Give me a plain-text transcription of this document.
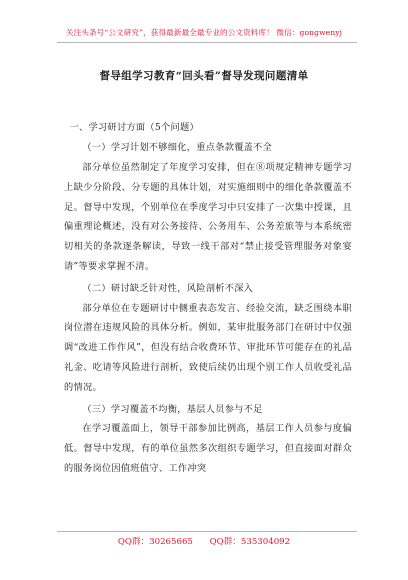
关注头条号“公文研究”，获得最新最全最专业的公文资料库！ 微信：gongwenyj
督导组学习教育“回头看”督导发现问题清单

一、学习研讨方面（5个问题）

（一）学习计划不够细化，重点条款覆盖不全

部分单位虽然制定了年度学习安排，但在⑧项规定精神专题学习上缺少分阶段、分专题的具体计划，对实施细则中的细化条款覆盖不足。督导中发现，个别单位在季度学习中只安排了一次集中授课，且偏重理论概述，没有对公务接待、公务用车、公务差旅等与本系统密切相关的条款逐条解读，导致一线干部对“禁止接受管理服务对象宴请”等要求掌握不清。

（二）研讨缺乏针对性，风险剖析不深入

部分单位在专题研讨中侧重表态发言、经验交流，缺乏围绕本职岗位潜在违规风险的具体分析。例如，某审批服务部门在研讨中仅强调“改进工作作风”，但没有结合收费环节、审批环节可能存在的礼品礼金、吃请等风险进行剖析，致使后续仍出现个别工作人员收受礼品的情况。

（三）学习覆盖不均衡，基层人员参与不足

在学习覆盖面上，领导干部参加比例高，基层工作人员参与度偏低。督导中发现，有的单位虽然多次组织专题学习，但直接面对群众的服务岗位因值班值守、工作冲突

QQ群：30265665 QQ群：535304092
